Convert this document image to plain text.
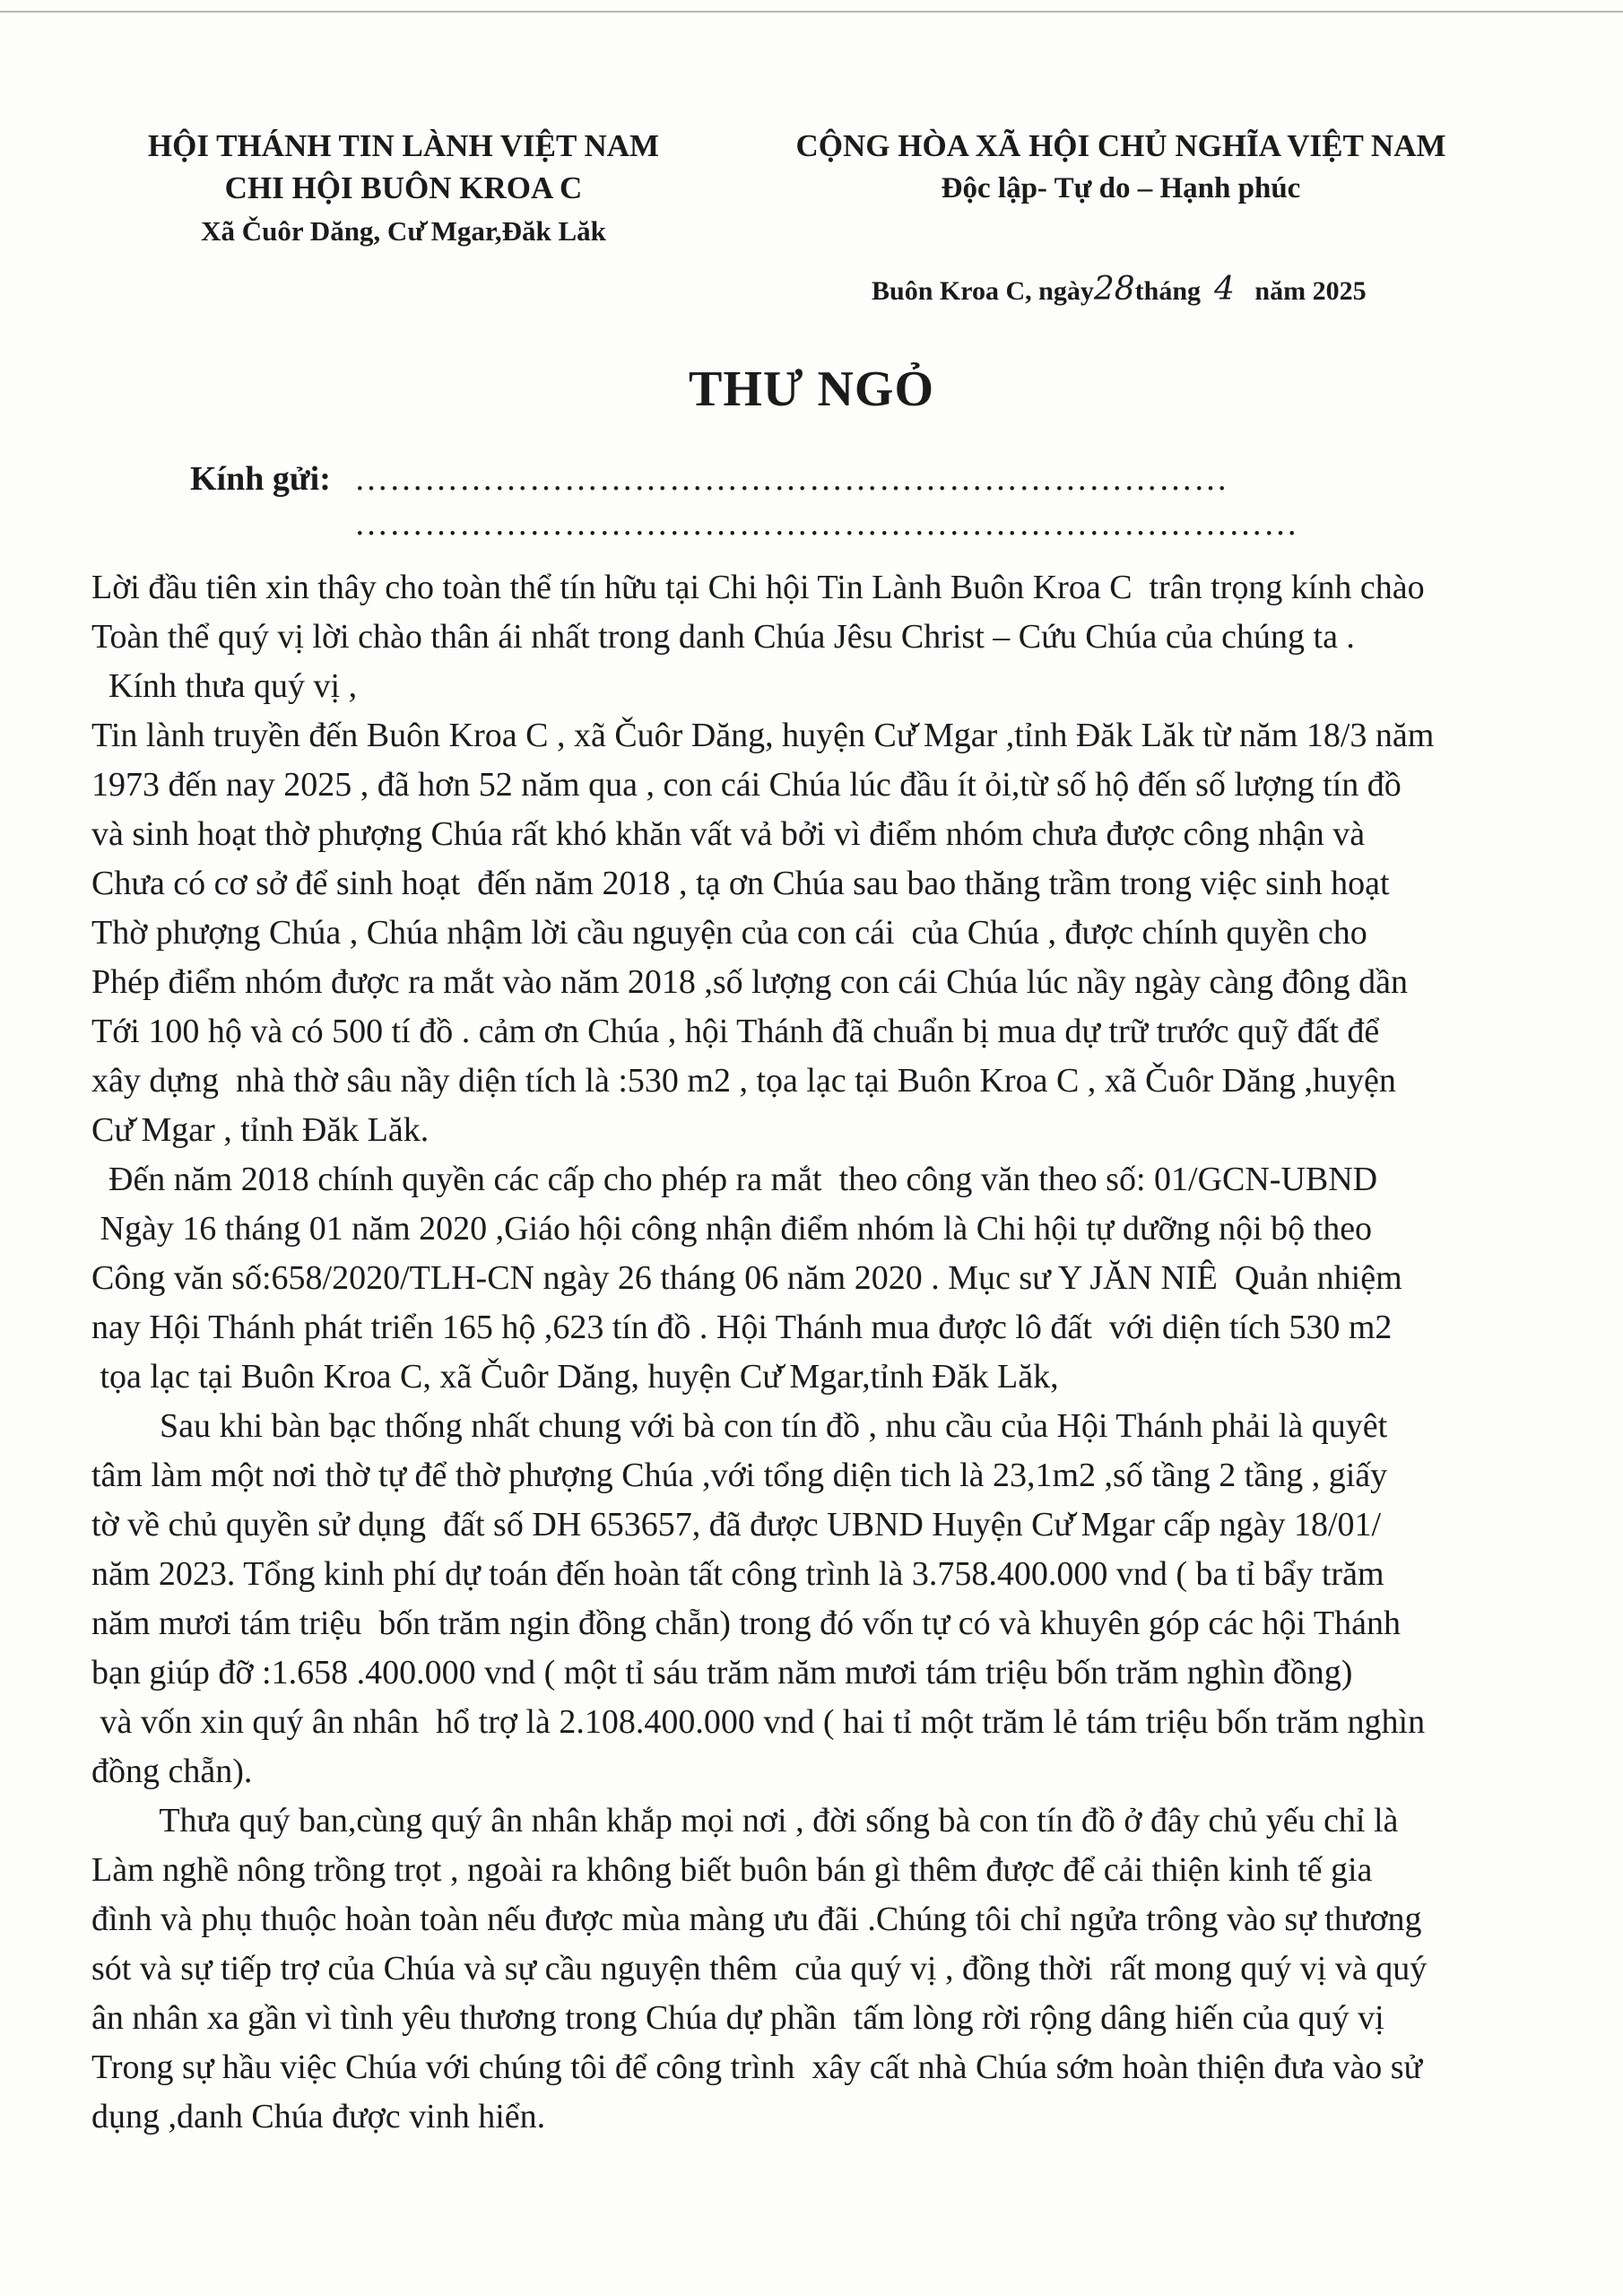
HỘI THÁNH TIN LÀNH VIỆT NAM
CHI HỘI BUÔN KROA C
Xã Čuôr Dăng, Cư̆ Mgar,Đăk Lăk
CỘNG HÒA XÃ HỘI CHỦ NGHĨA VIỆT NAM
Độc lập- Tự do – Hạnh phúc
Buôn Kroa C, ngày28tháng 4 năm 2025
THƯ NGỎ
Kính gửi: …………………………………………………………………
………………………………………………………………………
Lời đầu tiên xin thây cho toàn thể tín hữu tại Chi hội Tin Lành Buôn Kroa C  trân trọng kính chào
Toàn thể quý vị lời chào thân ái nhất trong danh Chúa Jêsu Christ – Cứu Chúa của chúng ta .
Kính thưa quý vị ,
Tin lành truyền đến Buôn Kroa C , xã Čuôr Dăng, huyện Cư̆ Mgar ,tỉnh Đăk Lăk từ năm 18/3 năm
1973 đến nay 2025 , đã hơn 52 năm qua , con cái Chúa lúc đầu ít ỏi,từ số hộ đến số lượng tín đồ
và sinh hoạt thờ phượng Chúa rất khó khăn vất vả bởi vì điểm nhóm chưa được công nhận và
Chưa có cơ sở để sinh hoạt  đến năm 2018 , tạ ơn Chúa sau bao thăng trầm trong việc sinh hoạt
Thờ phượng Chúa , Chúa nhậm lời cầu nguyện của con cái  của Chúa , được chính quyền cho
Phép điểm nhóm được ra mắt vào năm 2018 ,số lượng con cái Chúa lúc nầy ngày càng đông dần
Tới 100 hộ và có 500 tí đồ . cảm ơn Chúa , hội Thánh đã chuẩn bị mua dự trữ trước quỹ đất để
xây dựng  nhà thờ sâu nầy diện tích là :530 m2 , tọa lạc tại Buôn Kroa C , xã Čuôr Dăng ,huyện
Cư̆ Mgar , tỉnh Đăk Lăk.
Đến năm 2018 chính quyền các cấp cho phép ra mắt  theo công văn theo số: 01/GCN-UBND
Ngày 16 tháng 01 năm 2020 ,Giáo hội công nhận điểm nhóm là Chi hội tự dưỡng nội bộ theo
Công văn số:658/2020/TLH-CN ngày 26 tháng 06 năm 2020 . Mục sư Y JĂN NIÊ  Quản nhiệm
nay Hội Thánh phát triển 165 hộ ,623 tín đồ . Hội Thánh mua được lô đất  với diện tích 530 m2
tọa lạc tại Buôn Kroa C, xã Čuôr Dăng, huyện Cư̆ Mgar,tỉnh Đăk Lăk,
Sau khi bàn bạc thống nhất chung với bà con tín đồ , nhu cầu của Hội Thánh phải là quyêt
tâm làm một nơi thờ tự để thờ phượng Chúa ,với tổng diện tich là 23,1m2 ,số tầng 2 tầng , giấy
tờ về chủ quyền sử dụng  đất số DH 653657, đã được UBND Huyện Cư̆ Mgar cấp ngày 18/01/
năm 2023. Tổng kinh phí dự toán đến hoàn tất công trình là 3.758.400.000 vnd ( ba tỉ bẩy trăm
năm mươi tám triệu  bốn trăm ngin đồng chẵn) trong đó vốn tự có và khuyên góp các hội Thánh
bạn giúp đỡ :1.658 .400.000 vnd ( một tỉ sáu trăm năm mươi tám triệu bốn trăm nghìn đồng)
và vốn xin quý ân nhân  hổ trợ là 2.108.400.000 vnd ( hai tỉ một trăm lẻ tám triệu bốn trăm nghìn
đồng chẵn).
Thưa quý ban,cùng quý ân nhân khắp mọi nơi , đời sống bà con tín đồ ở đây chủ yếu chỉ là
Làm nghề nông trồng trọt , ngoài ra không biết buôn bán gì thêm được để cải thiện kinh tế gia
đình và phụ thuộc hoàn toàn nếu được mùa màng ưu đãi .Chúng tôi chỉ ngửa trông vào sự thương
sót và sự tiếp trợ của Chúa và sự cầu nguyện thêm  của quý vị , đồng thời  rất mong quý vị và quý
ân nhân xa gần vì tình yêu thương trong Chúa dự phần  tấm lòng rời rộng dâng hiến của quý vị
Trong sự hầu việc Chúa với chúng tôi để công trình  xây cất nhà Chúa sớm hoàn thiện đưa vào sử
dụng ,danh Chúa được vinh hiển.
